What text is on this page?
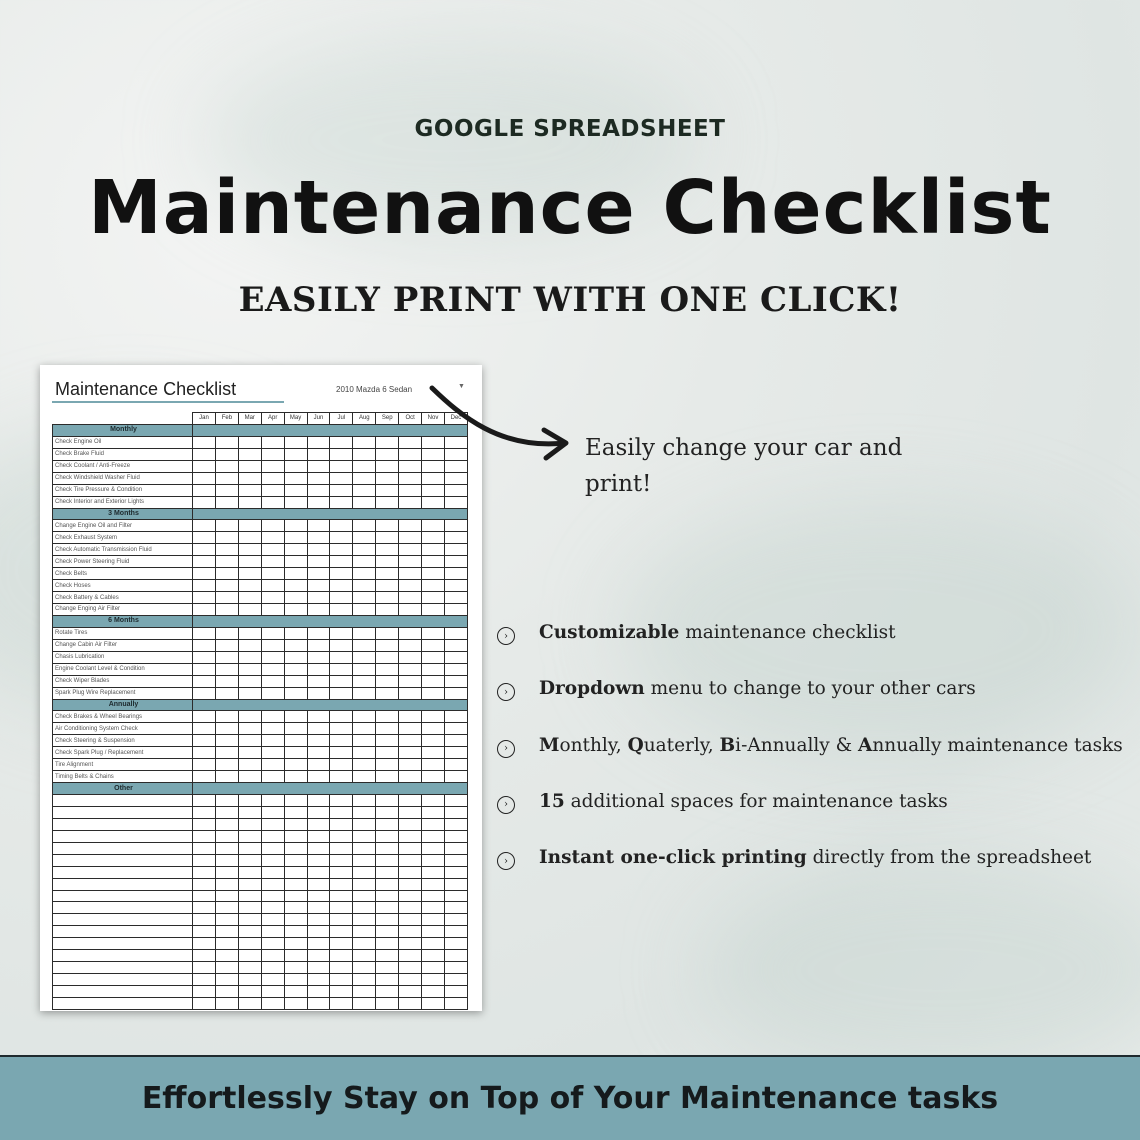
GOOGLE SPREADSHEET
Maintenance Checklist
EASILY PRINT WITH ONE CLICK!
Maintenance Checklist	2010 Mazda 6 Sedan	▼
	Jan	Feb	Mar	Apr	May	Jun	Jul	Aug	Sep	Oct	Nov	Dec
Monthly												
Check Engine Oil												
Check Brake Fluid												
Check Coolant / Anti-Freeze												
Check Windshield Washer Fluid												
Check Tire Pressure & Condition												
Check Interior and Exterior Lights												
3 Months												
Change Engine Oil and Filter												
Check Exhaust System												
Check Automatic Transmission Fluid												
Check Power Steering Fluid												
Check Belts												
Check Hoses												
Check Battery & Cables												
Change Enging Air Filter												
6 Months												
Rotate Tires												
Change Cabin Air Filter												
Chasis Lubrication												
Engine Coolant Level & Condition												
Check Wiper Blades												
Spark Plug Wire Replacement												
Annually												
Check Brakes & Wheel Bearings												
Air Conditioning System Check												
Check Steering & Suspension												
Check Spark Plug / Replacement												
Tire Alignment												
Timing Belts & Chains												
Other												

Easily change your car and print!
›	Customizable maintenance checklist
›	Dropdown menu to change to your other cars
›	Monthly, Quaterly, Bi-Annually & Annually maintenance tasks
›	15 additional spaces for maintenance tasks
›	Instant one-click printing directly from the spreadsheet
Effortlessly Stay on Top of Your Maintenance tasks
